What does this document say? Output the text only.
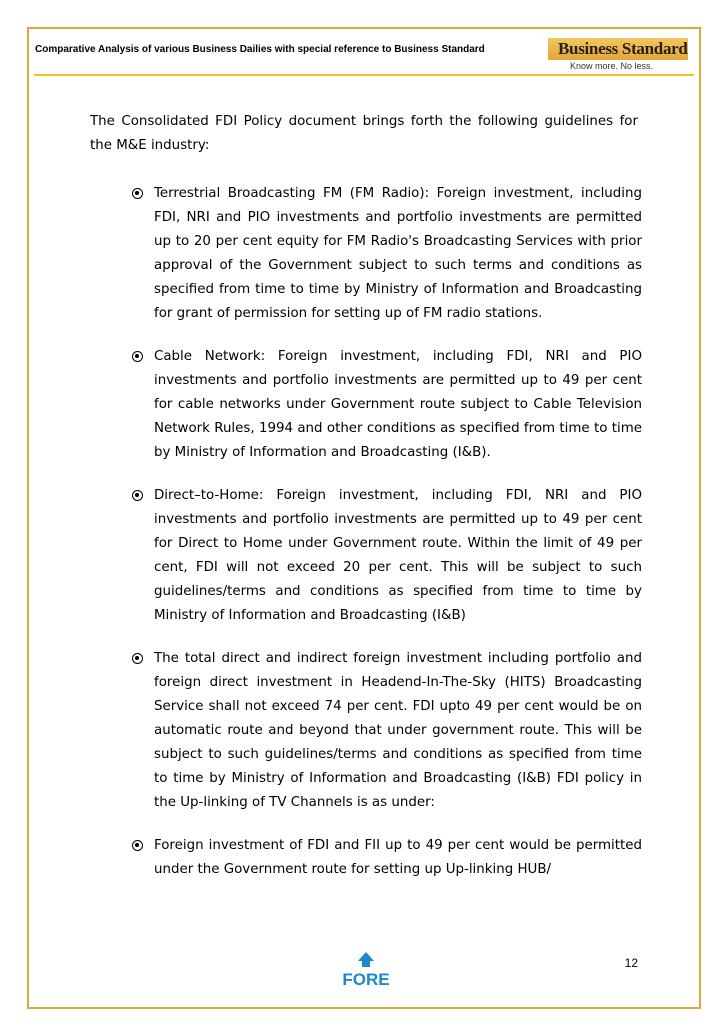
Comparative Analysis of various Business Dailies with special reference to Business Standard	Business Standard
Know more. No less.

The Consolidated FDI Policy document brings forth the following guidelines for the M&E industry:

Terrestrial Broadcasting FM (FM Radio): Foreign investment, including FDI, NRI and PIO investments and portfolio investments are permitted up to 20 per cent equity for FM Radio's Broadcasting Services with prior approval of the Government subject to such terms and conditions as specified from time to time by Ministry of Information and Broadcasting for grant of permission for setting up of FM radio stations.
Cable Network: Foreign investment, including FDI, NRI and PIO investments and portfolio investments are permitted up to 49 per cent for cable networks under Government route subject to Cable Television Network Rules, 1994 and other conditions as specified from time to time by Ministry of Information and Broadcasting (I&B).
Direct–to-Home: Foreign investment, including FDI, NRI and PIO investments and portfolio investments are permitted up to 49 per cent for Direct to Home under Government route. Within the limit of 49 per cent, FDI will not exceed 20 per cent. This will be subject to such guidelines/terms and conditions as specified from time to time by Ministry of Information and Broadcasting (I&B)
The total direct and indirect foreign investment including portfolio and foreign direct investment in Headend-In-The-Sky (HITS) Broadcasting Service shall not exceed 74 per cent. FDI upto 49 per cent would be on automatic route and beyond that under government route. This will be subject to such guidelines/terms and conditions as specified from time to time by Ministry of Information and Broadcasting (I&B) FDI policy in the Up-linking of TV Channels is as under:
Foreign investment of FDI and FII up to 49 per cent would be permitted under the Government route for setting up Up-linking HUB/
FORE
12
